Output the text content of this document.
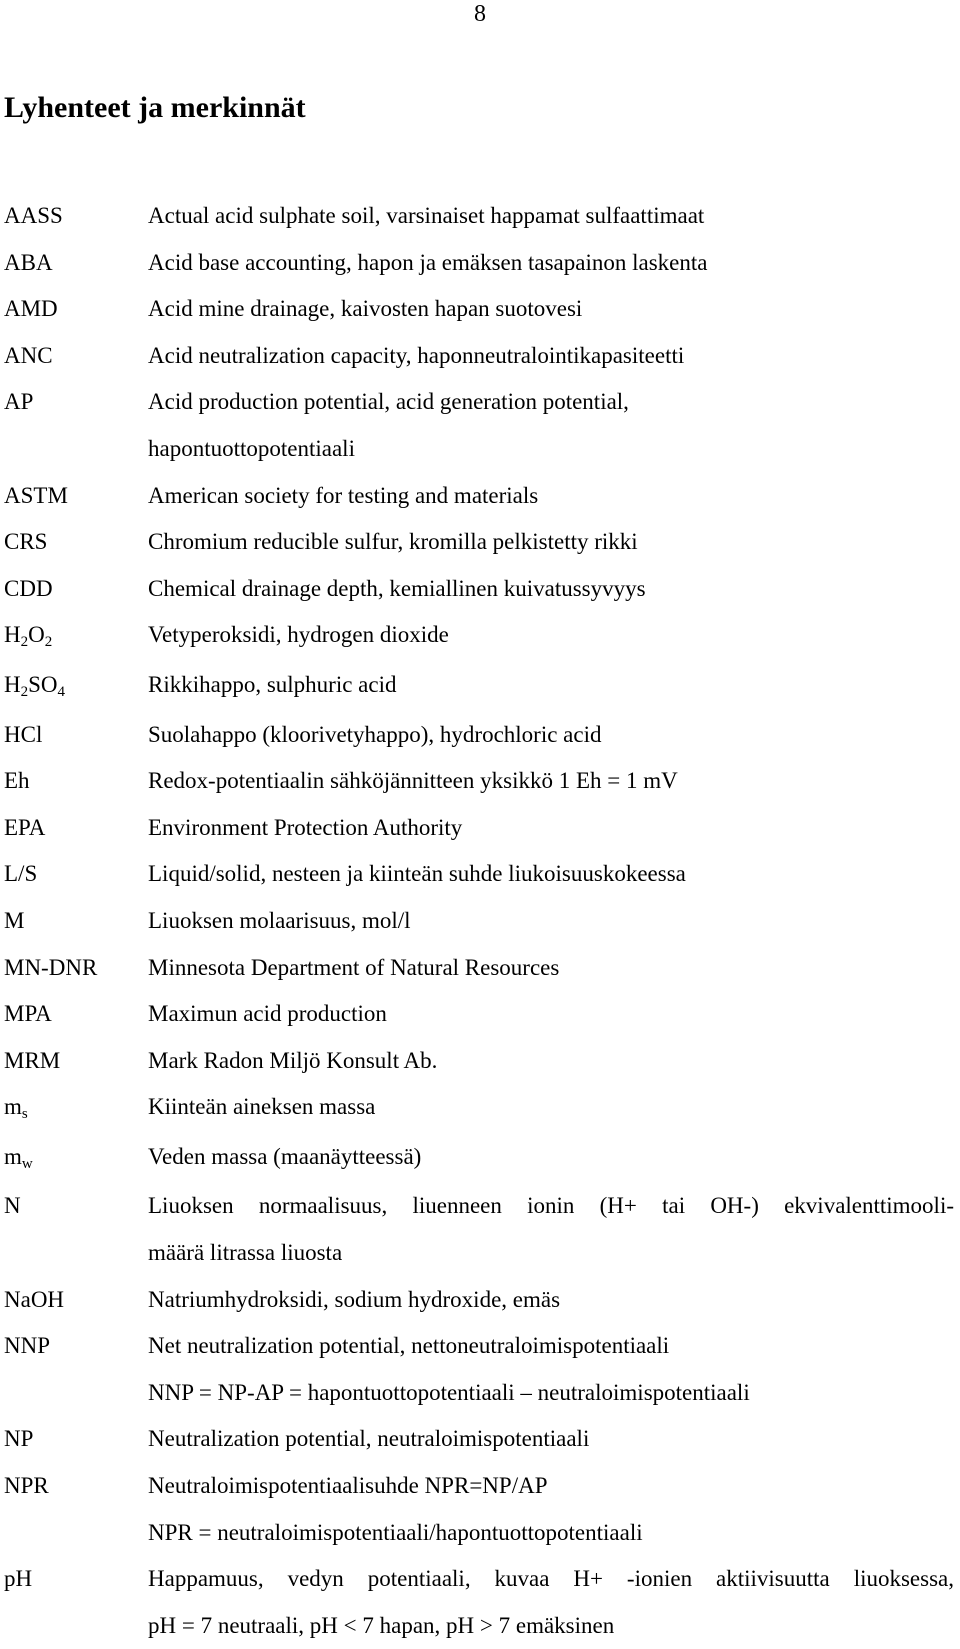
8
Lyhenteet ja merkinnät
AASS	Actual acid sulphate soil, varsinaiset happamat sulfaattimaat
ABA	Acid base accounting, hapon ja emäksen tasapainon laskenta
AMD	Acid mine drainage, kaivosten hapan suotovesi
ANC	Acid neutralization capacity, haponneutralointikapasiteetti
AP	Acid production potential, acid generation potential,
hapontuottopotentiaali
ASTM	American society for testing and materials
CRS	Chromium reducible sulfur, kromilla pelkistetty rikki
CDD	Chemical drainage depth, kemiallinen kuivatussyvyys
$H_2O_2$	Vetyperoksidi, hydrogen dioxide
$H_2SO_4$	Rikkihappo, sulphuric acid
HCl	Suolahappo (kloorivetyhappo), hydrochloric acid
Eh	Redox-potentiaalin sähköjännitteen yksikkö 1 Eh = 1 mV
EPA	Environment Protection Authority
L/S	Liquid/solid, nesteen ja kiinteän suhde liukoisuuskokeessa
M	Liuoksen molaarisuus, mol/l
MN-DNR	Minnesota Department of Natural Resources
MPA	Maximun acid production
MRM	Mark Radon Miljö Konsult Ab.
$m_s$	Kiinteän aineksen massa
$m_w$	Veden massa (maanäytteessä)
N	Liuoksen normaalisuus, liuenneen ionin (H+ tai OH-) ekvivalenttimooli-
määrä litrassa liuosta
NaOH	Natriumhydroksidi, sodium hydroxide, emäs
NNP	Net neutralization potential, nettoneutraloimispotentiaali
NNP = NP-AP = hapontuottopotentiaali – neutraloimispotentiaali
NP	Neutralization potential, neutraloimispotentiaali
NPR	Neutraloimispotentiaalisuhde NPR=NP/AP
NPR = neutraloimispotentiaali/hapontuottopotentiaali
pH	Happamuus, vedyn potentiaali, kuvaa H+ -ionien aktiivisuutta liuoksessa,
pH = 7 neutraali, pH < 7 hapan, pH > 7 emäksinen
